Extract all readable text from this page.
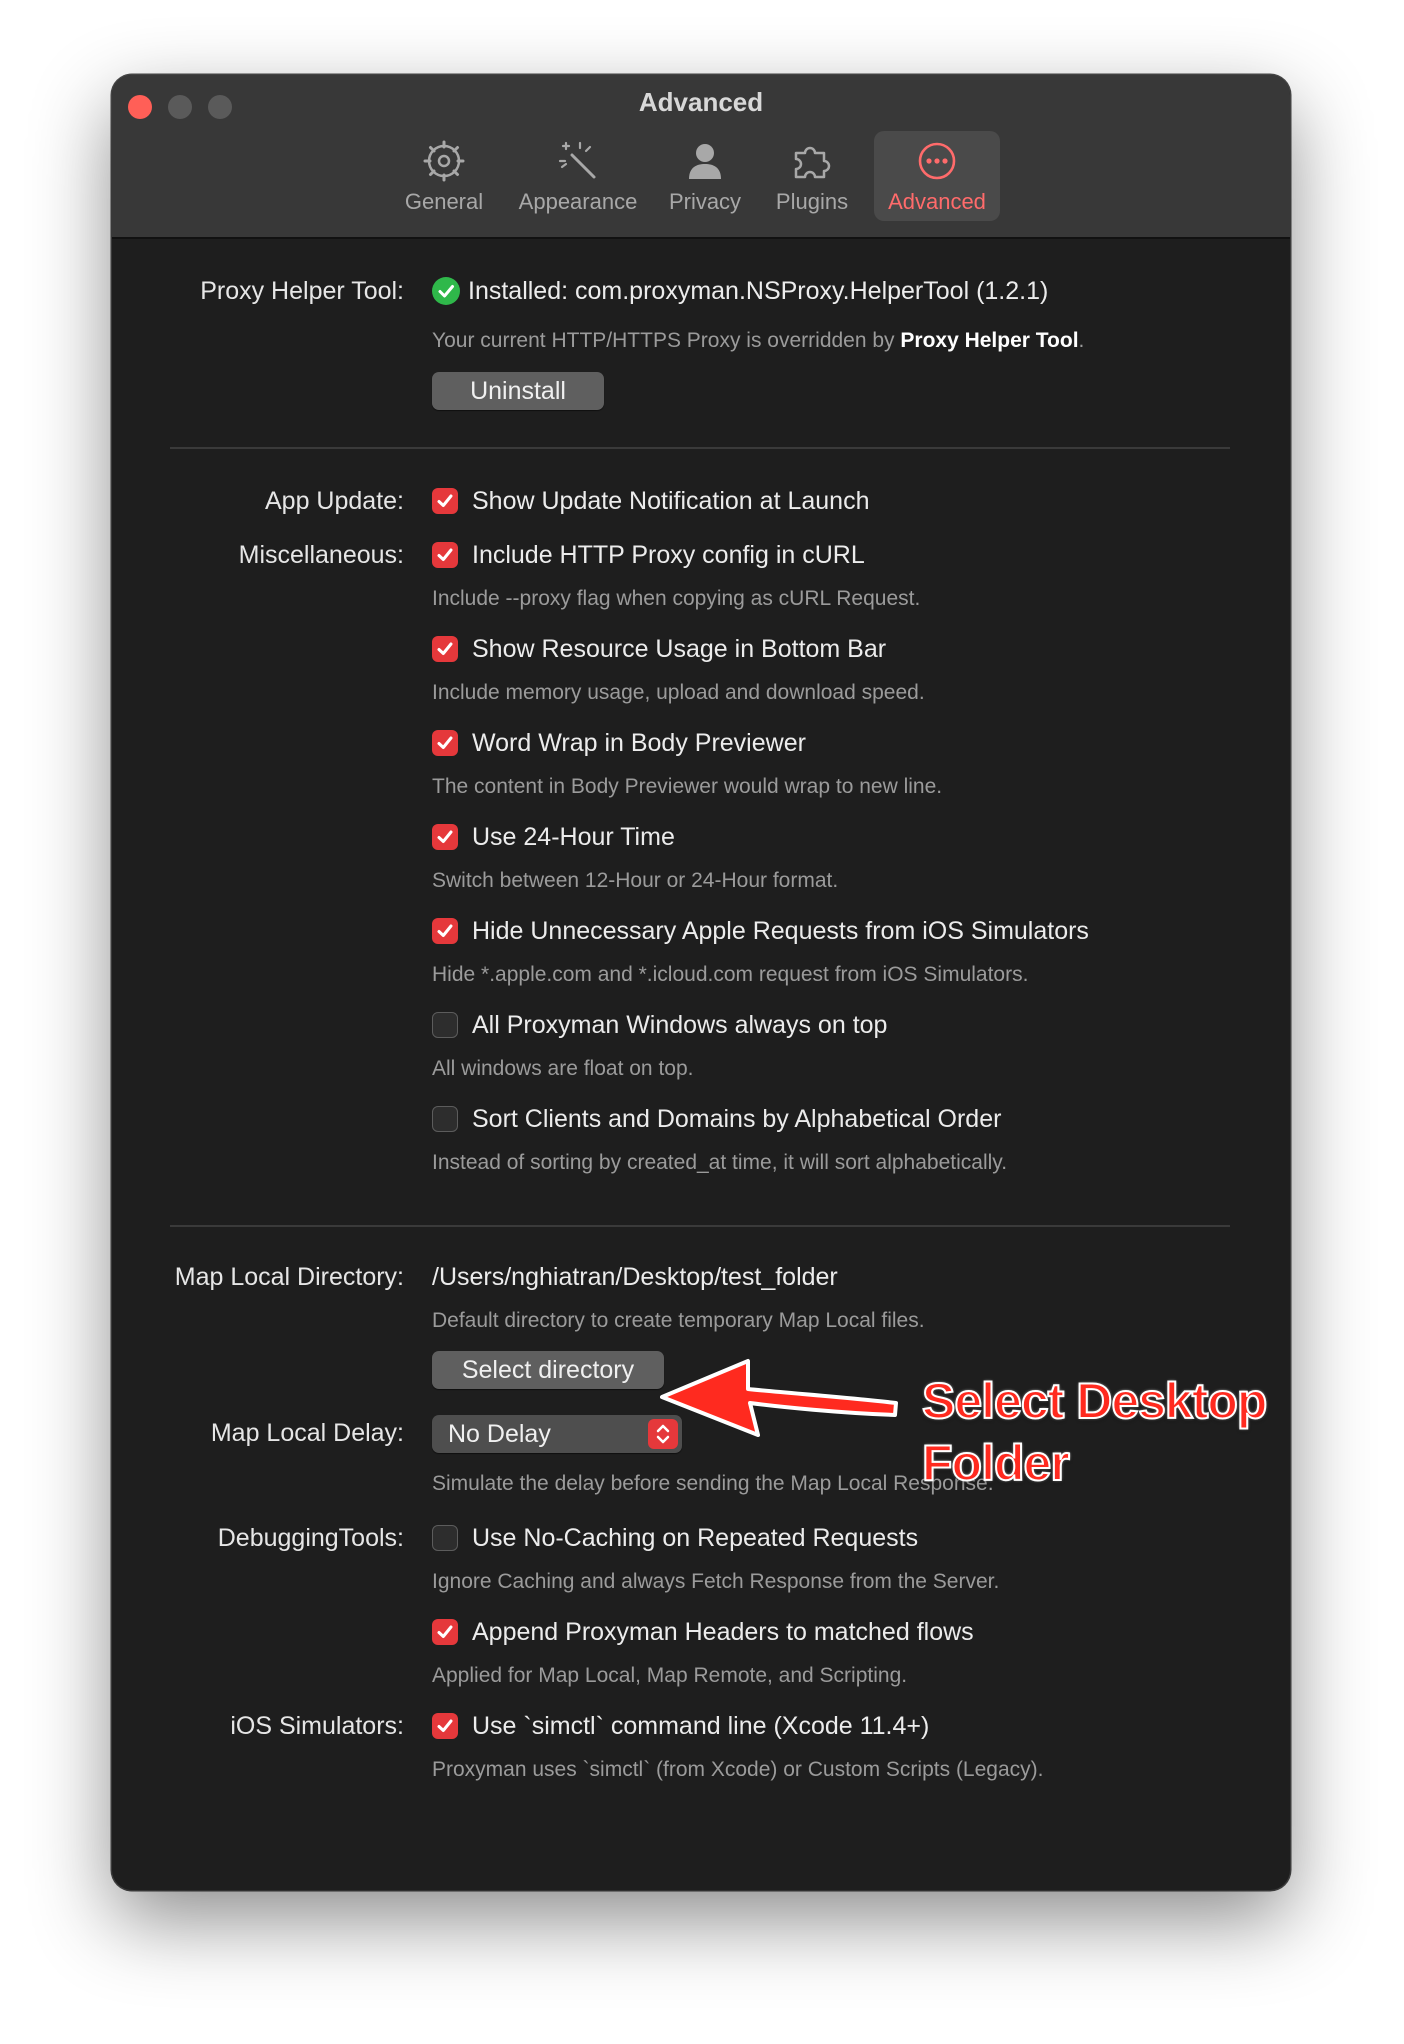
Advanced
General	Appearance	Privacy	Plugins	Advanced
Proxy Helper Tool:	Installed: com.proxyman.NSProxy.HelperTool (1.2.1)
Your current HTTP/HTTPS Proxy is overridden by Proxy Helper Tool.
Uninstall
App Update:	Show Update Notification at Launch
Miscellaneous:	Include HTTP Proxy config in cURL
Include --proxy flag when copying as cURL Request.
Show Resource Usage in Bottom Bar
Include memory usage, upload and download speed.
Word Wrap in Body Previewer
The content in Body Previewer would wrap to new line.
Use 24-Hour Time
Switch between 12-Hour or 24-Hour format.
Hide Unnecessary Apple Requests from iOS Simulators
Hide *.apple.com and *.icloud.com request from iOS Simulators.
All Proxyman Windows always on top
All windows are float on top.
Sort Clients and Domains by Alphabetical Order
Instead of sorting by created_at time, it will sort alphabetically.
Map Local Directory: /Users/nghiatran/Desktop/test_folder
Default directory to create temporary Map Local files.
Select directory
Map Local Delay: No Delay
Simulate the delay before sending the Map Local Response.
DebuggingTools:	Use No-Caching on Repeated Requests
Ignore Caching and always Fetch Response from the Server.
Append Proxyman Headers to matched flows
Applied for Map Local, Map Remote, and Scripting.
iOS Simulators:	Use `simctl` command line (Xcode 11.4+)
Proxyman uses `simctl` (from Xcode) or Custom Scripts (Legacy).
Select Desktop
Folder
